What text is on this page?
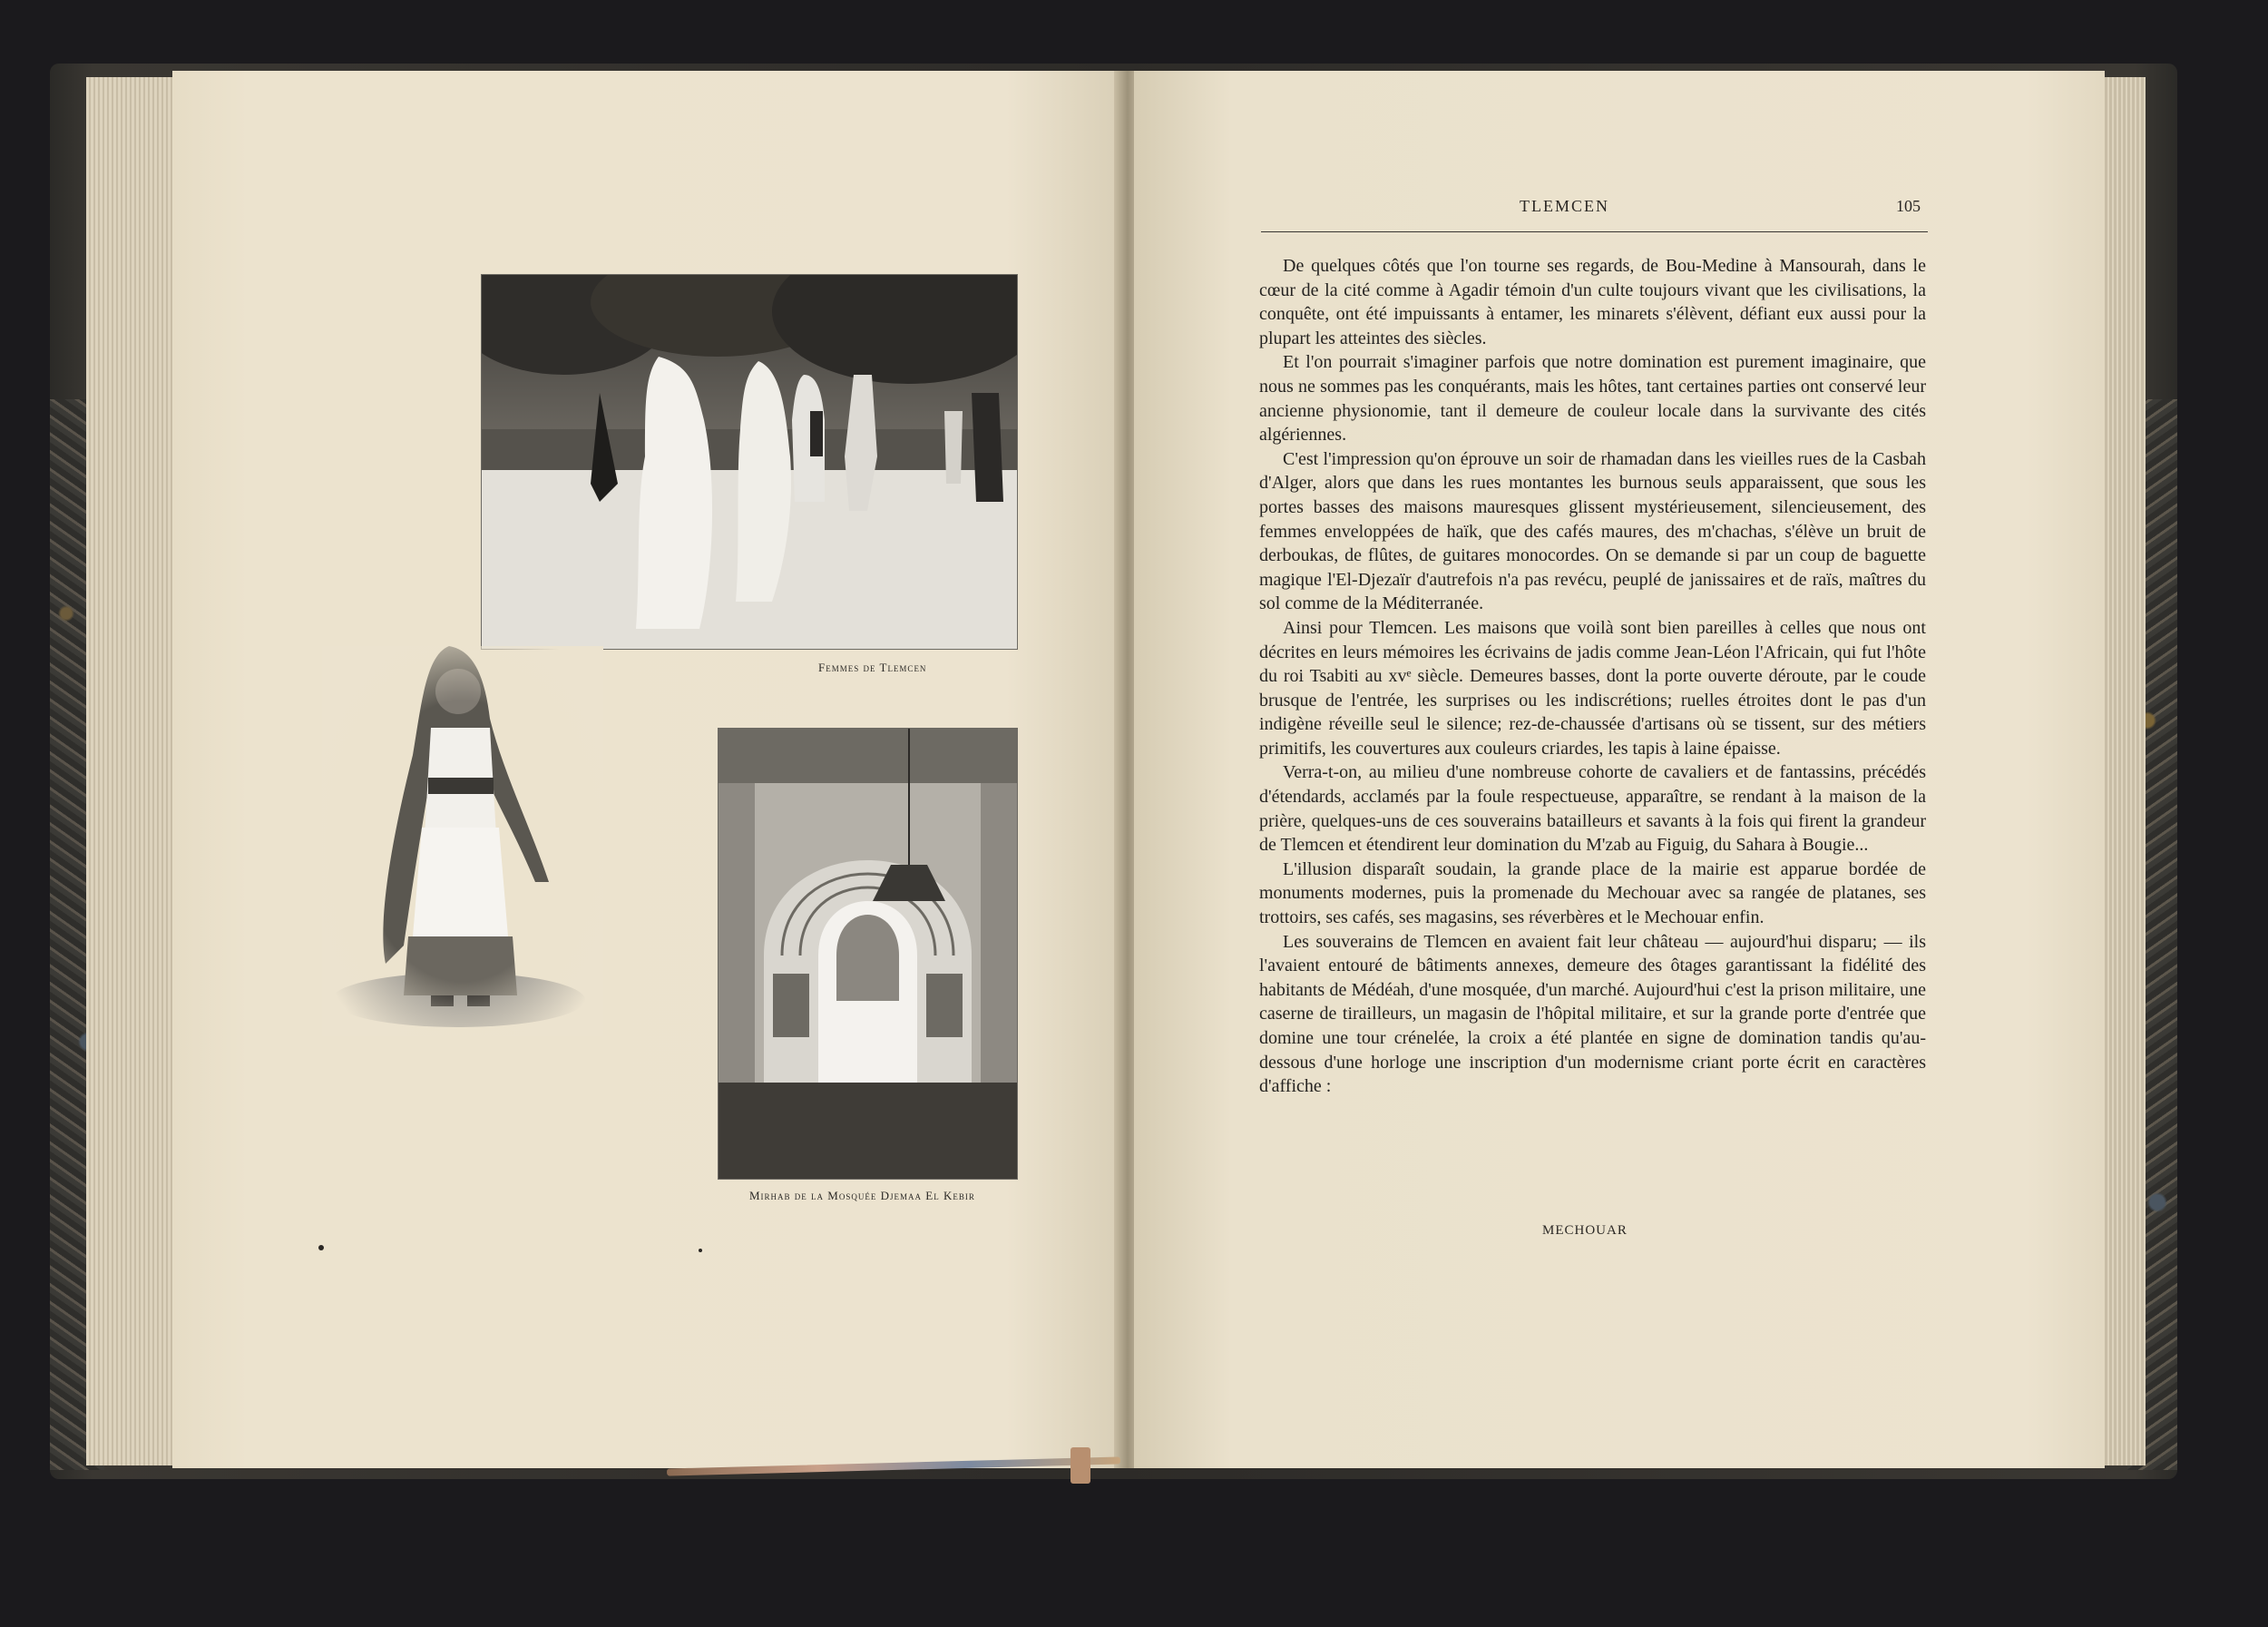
Femmes de Tlemcen
Mirhab de la Mosquée Djemaa El Kebir
TLEMCEN	105

De quelques côtés que l'on tourne ses regards, de Bou-Medine à Mansourah, dans le cœur de la cité comme à Agadir témoin d'un culte toujours vivant que les civilisations, la conquête, ont été impuissants à entamer, les minarets s'élèvent, défiant eux aussi pour la plupart les atteintes des siècles.

Et l'on pourrait s'imaginer parfois que notre domination est purement imaginaire, que nous ne sommes pas les conquérants, mais les hôtes, tant certaines parties ont conservé leur ancienne physionomie, tant il demeure de couleur locale dans la survivante des cités algériennes.

C'est l'impression qu'on éprouve un soir de rhamadan dans les vieilles rues de la Casbah d'Alger, alors que dans les rues montantes les burnous seuls apparaissent, que sous les portes basses des maisons mauresques glissent mystérieusement, silencieusement, des femmes enveloppées de haïk, que des cafés maures, des m'chachas, s'élève un bruit de derboukas, de flûtes, de guitares monocordes. On se demande si par un coup de baguette magique l'El-Djezaïr d'autrefois n'a pas revécu, peuplé de janissaires et de raïs, maîtres du sol comme de la Méditerranée.

Ainsi pour Tlemcen. Les maisons que voilà sont bien pareilles à celles que nous ont décrites en leurs mémoires les écrivains de jadis comme Jean-Léon l'Africain, qui fut l'hôte du roi Tsabiti au xvᵉ siècle. Demeures basses, dont la porte ouverte déroute, par le coude brusque de l'entrée, les surprises ou les indiscrétions; ruelles étroites dont le pas d'un indigène réveille seul le silence; rez-de-chaussée d'artisans où se tissent, sur des métiers primitifs, les couvertures aux couleurs criardes, les tapis à laine épaisse.

Verra-t-on, au milieu d'une nombreuse cohorte de cavaliers et de fantassins, précédés d'étendards, acclamés par la foule respectueuse, apparaître, se rendant à la maison de la prière, quelques-uns de ces souverains batailleurs et savants à la fois qui firent la grandeur de Tlemcen et étendirent leur domination du M'zab au Figuig, du Sahara à Bougie...

L'illusion disparaît soudain, la grande place de la mairie est apparue bordée de monuments modernes, puis la promenade du Mechouar avec sa rangée de platanes, ses trottoirs, ses cafés, ses magasins, ses réverbères et le Mechouar enfin.

Les souverains de Tlemcen en avaient fait leur château — aujourd'hui disparu; — ils l'avaient entouré de bâtiments annexes, demeure des ôtages garantissant la fidélité des habitants de Médéah, d'une mosquée, d'un marché. Aujourd'hui c'est la prison militaire, une caserne de tirailleurs, un magasin de l'hôpital militaire, et sur la grande porte d'entrée que domine une tour crénelée, la croix a été plantée en signe de domination tandis qu'au-dessous d'une horloge une inscription d'un modernisme criant porte écrit en caractères d'affiche :

MECHOUAR
